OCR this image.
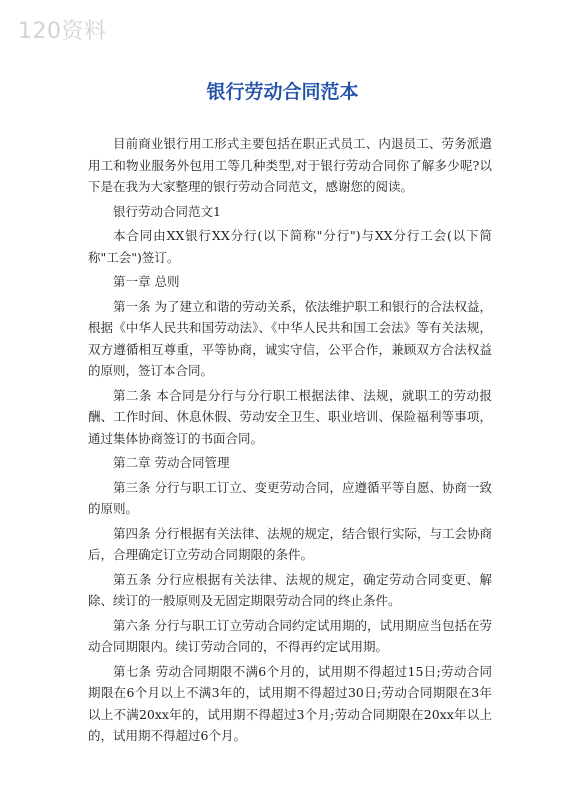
120资料
银行劳动合同范本

目前商业银行用工形式主要包括在职正式员工、内退员工、劳务派遣用工和物业服务外包用工等几种类型,对于银行劳动合同你了解多少呢?以下是在我为大家整理的银行劳动合同范文，感谢您的阅读。

银行劳动合同范文1

本合同由XX银行XX分行(以下简称"分行")与XX分行工会(以下简称"工会")签订。

第一章 总则

第一条 为了建立和谐的劳动关系，依法维护职工和银行的合法权益，根据《中华人民共和国劳动法》、《中华人民共和国工会法》等有关法规，双方遵循相互尊重，平等协商，诚实守信，公平合作，兼顾双方合法权益的原则，签订本合同。

第二条 本合同是分行与分行职工根据法律、法规，就职工的劳动报酬、工作时间、休息休假、劳动安全卫生、职业培训、保险福利等事项，通过集体协商签订的书面合同。

第二章 劳动合同管理

第三条 分行与职工订立、变更劳动合同，应遵循平等自愿、协商一致的原则。

第四条 分行根据有关法律、法规的规定，结合银行实际，与工会协商后，合理确定订立劳动合同期限的条件。

第五条 分行应根据有关法律、法规的规定，确定劳动合同变更、解除、续订的一般原则及无固定期限劳动合同的终止条件。

第六条 分行与职工订立劳动合同约定试用期的，试用期应当包括在劳动合同期限内。续订劳动合同的，不得再约定试用期。

第七条 劳动合同期限不满6个月的，试用期不得超过15日;劳动合同期限在6个月以上不满3年的，试用期不得超过30日;劳动合同期限在3年以上不满20xx年的，试用期不得超过3个月;劳动合同期限在20xx年以上的，试用期不得超过6个月。
